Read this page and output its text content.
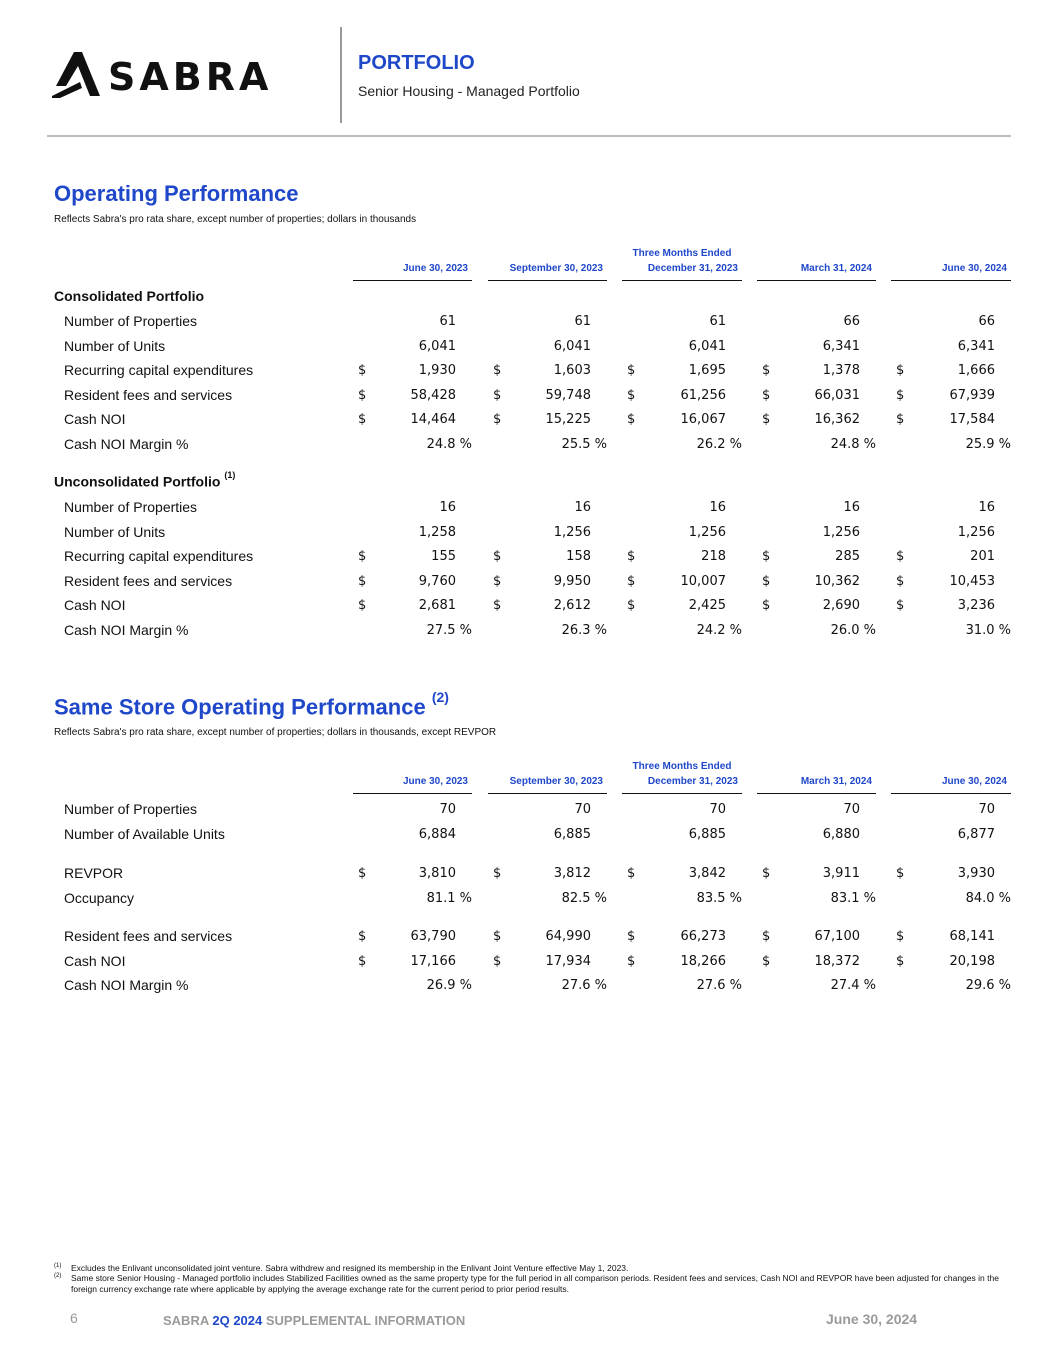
SABRA	PORTFOLIO
Senior Housing - Managed Portfolio
Operating Performance
Reflects Sabra's pro rata share, except number of properties; dollars in thousands
Three Months Ended
June 30, 2023	September 30, 2023	December 31, 2023	March 31, 2024	June 30, 2024
Consolidated Portfolio
Number of Properties	61	61	61	66	66
Number of Units	6,041	6,041	6,041	6,341	6,341
Recurring capital expenditures	$	1,930	$	1,603	$	1,695	$	1,378	$	1,666
Resident fees and services	$	58,428	$	59,748	$	61,256	$	66,031	$	67,939
Cash NOI	$	14,464	$	15,225	$	16,067	$	16,362	$	17,584
Cash NOI Margin %	24.8 %	25.5 %	26.2 %	24.8 %	25.9 %
Unconsolidated Portfolio $^{(1)}$
Number of Properties	16	16	16	16	16
Number of Units	1,258	1,256	1,256	1,256	1,256
Recurring capital expenditures	$	155	$	158	$	218	$	285	$	201
Resident fees and services	$	9,760	$	9,950	$	10,007	$	10,362	$	10,453
Cash NOI	$	2,681	$	2,612	$	2,425	$	2,690	$	3,236
Cash NOI Margin %	27.5 %	26.3 %	24.2 %	26.0 %	31.0 %
Same Store Operating Performance $^{(2)}$
Reflects Sabra's pro rata share, except number of properties; dollars in thousands, except REVPOR
Three Months Ended
June 30, 2023	September 30, 2023	December 31, 2023	March 31, 2024	June 30, 2024
Number of Properties	70	70	70	70	70
Number of Available Units	6,884	6,885	6,885	6,880	6,877
REVPOR	$	3,810	$	3,812	$	3,842	$	3,911	$	3,930
Occupancy	81.1 %	82.5 %	83.5 %	83.1 %	84.0 %
Resident fees and services	$	63,790	$	64,990	$	66,273	$	67,100	$	68,141
Cash NOI	$	17,166	$	17,934	$	18,266	$	18,372	$	20,198
Cash NOI Margin %	26.9 %	27.6 %	27.6 %	27.4 %	29.6 %
(1) Excludes the Enlivant unconsolidated joint venture. Sabra withdrew and resigned its membership in the Enlivant Joint Venture effective May 1, 2023.
(2) Same store Senior Housing - Managed portfolio includes Stabilized Facilities owned as the same property type for the full period in all comparison periods. Resident fees and services, Cash NOI and REVPOR have been adjusted for changes in the foreign currency exchange rate where applicable by applying the average exchange rate for the current period to prior period results.
6	SABRA 2Q 2024 SUPPLEMENTAL INFORMATION	June 30, 2024
